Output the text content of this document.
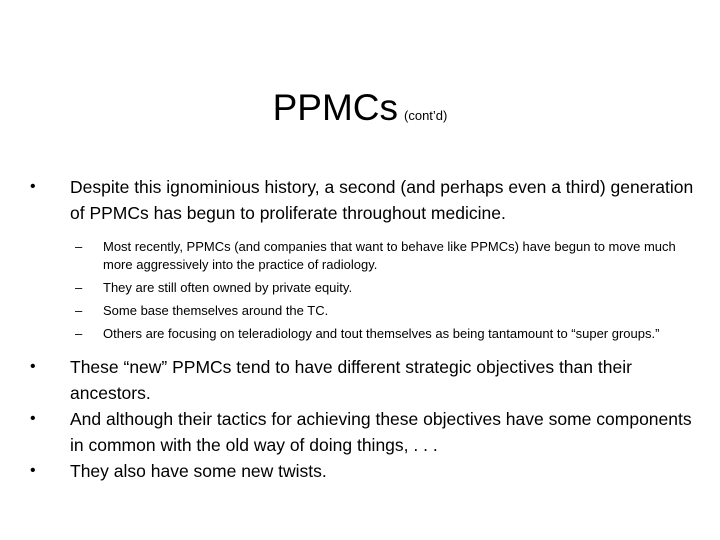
PPMCs (cont’d)
• Despite this ignominious history, a second (and perhaps even a third) generation of PPMCs has begun to proliferate throughout medicine.
– Most recently, PPMCs (and companies that want to behave like PPMCs) have begun to move much more aggressively into the practice of radiology.
– They are still often owned by private equity.
– Some base themselves around the TC.
– Others are focusing on teleradiology and tout themselves as being tantamount to “super groups.”
• These “new” PPMCs tend to have different strategic objectives than their ancestors.
• And although their tactics for achieving these objectives have some components in common with the old way of doing things, . . .
• They also have some new twists.
